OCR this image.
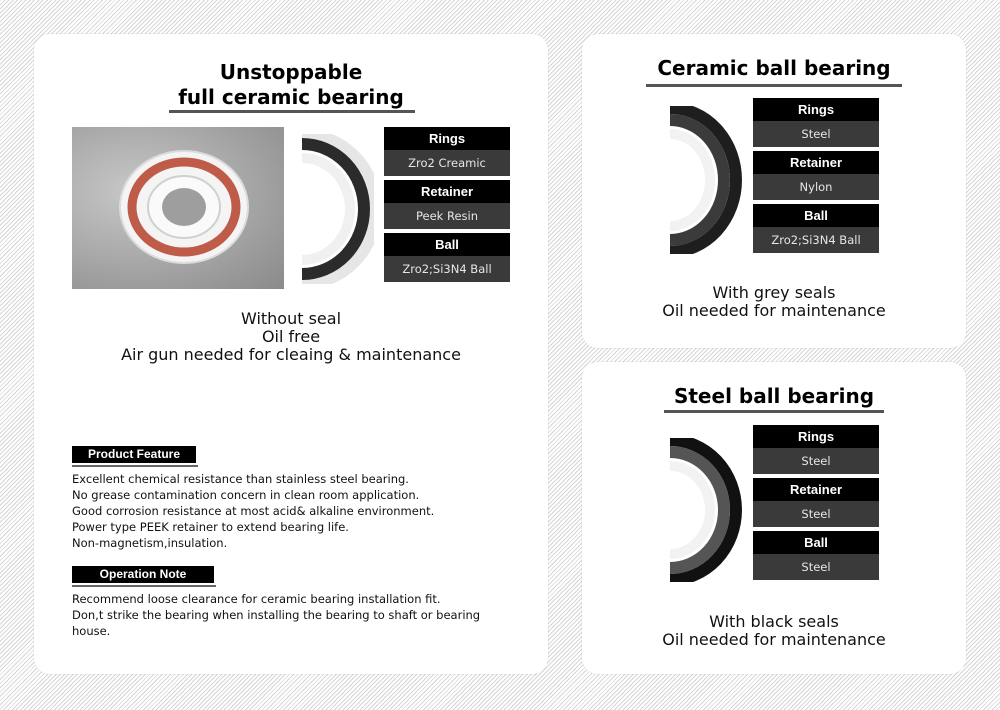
Unstoppable
full ceramic bearing
Rings
Zro2 Creamic
Retainer
Peek Resin
Ball
Zro2;Si3N4 Ball
Without seal
Oil free
Air gun needed for cleaing & maintenance
Product Feature
Excellent chemical resistance than stainless steel bearing.
No grease contamination concern in clean room application.
Good corrosion resistance at most acid& alkaline environment.
Power type PEEK retainer to extend bearing life.
Non-magnetism,insulation.
Operation Note
Recommend loose clearance for ceramic bearing installation fit.
Don,t strike the bearing when installing the bearing to shaft or bearing
house.
Ceramic ball bearing
Rings
Steel
Retainer
Nylon
Ball
Zro2;Si3N4 Ball
With grey seals
Oil needed for maintenance
Steel ball bearing
Rings
Steel
Retainer
Steel
Ball
Steel
With black seals
Oil needed for maintenance
